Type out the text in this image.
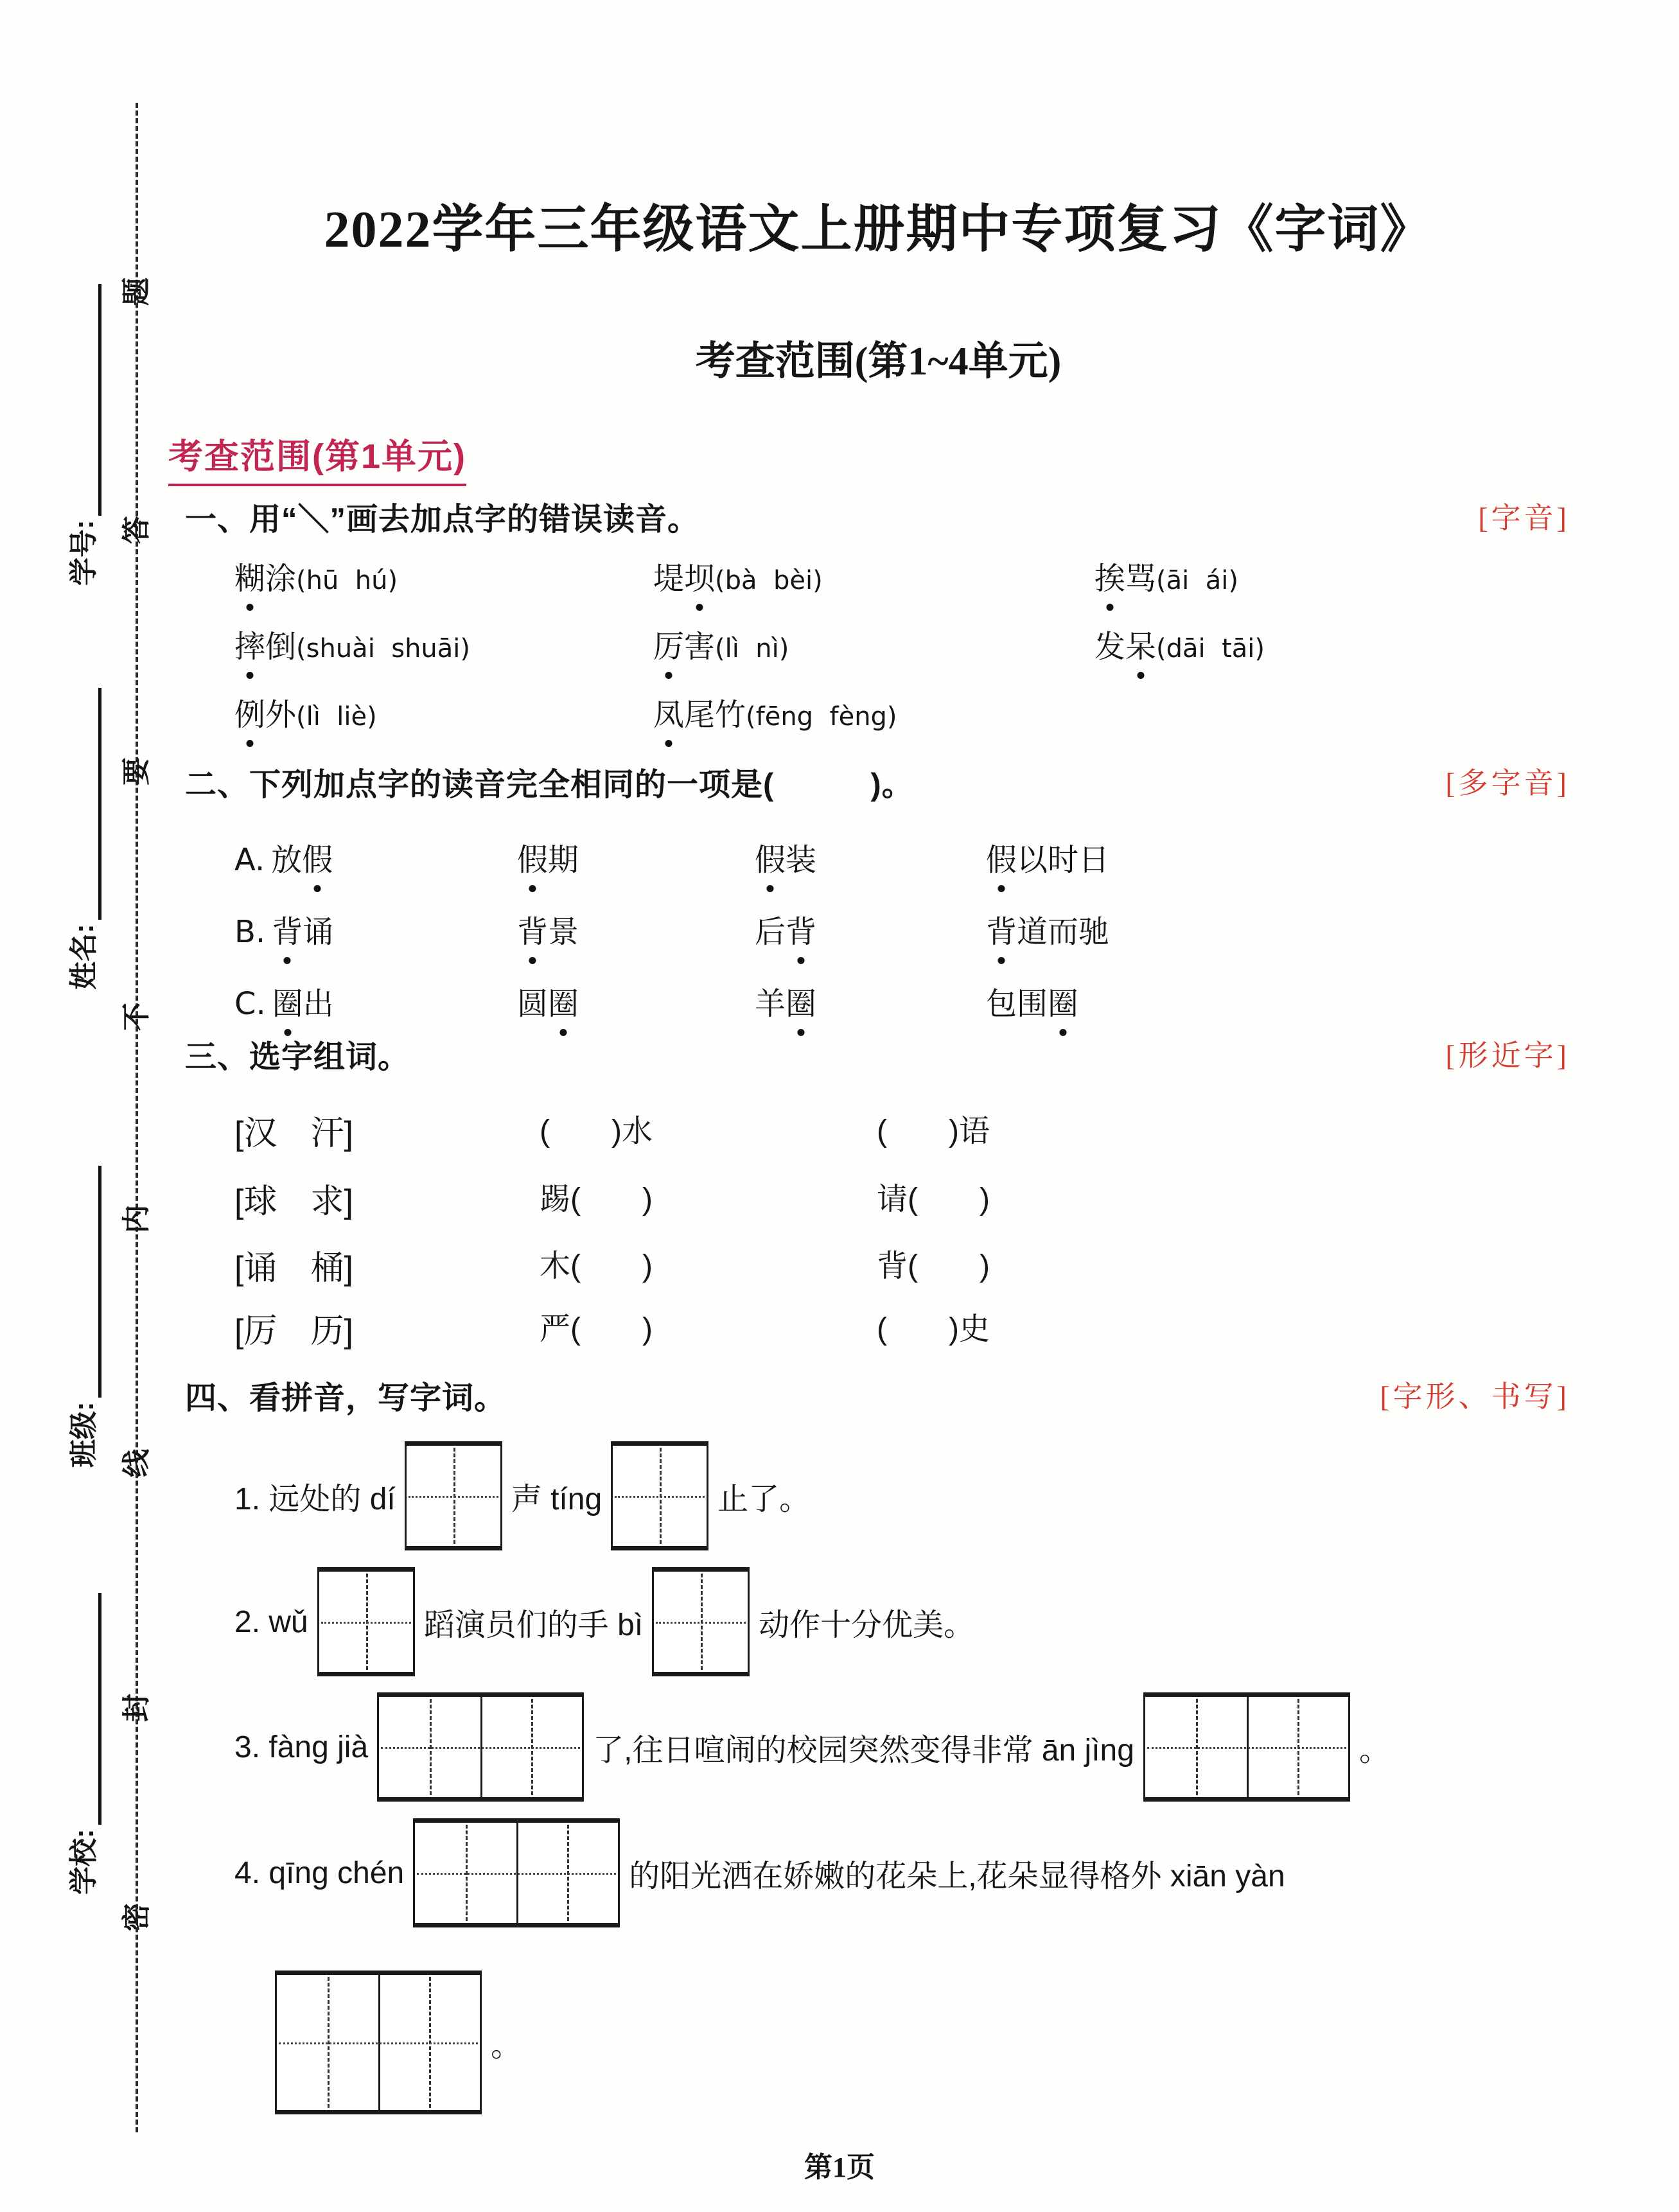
题
答
要
不
内
线
封
密
学号:
姓名:
班级:
学校:
2022学年三年级语文上册期中专项复习《字词》
考查范围(第1~4单元)
考查范围(第1单元)
一、用“＼”画去加点字的错误读音。	[字音]
糊涂(hū  hú)	堤坝(bà  bèi)	挨骂(āi  ái)
摔倒(shuài  shuāi)	厉害(lì  nì)	发呆(dāi  tāi)
例外(lì  liè)	凤尾竹(fēng  fèng)
二、下列加点字的读音完全相同的一项是(　　　)。	[多字音]
A. 放假	假期	假装	假以时日
B. 背诵	背景	后背	背道而驰
C. 圈出	圆圈	羊圈	包围圈
三、选字组词。	[形近字]
[汉　汗]	(　　)水	(　　)语
[球　求]	踢(　　)	请(　　)
[诵　桶]	木(　　)	背(　　)
[厉　历]	严(　　)	(　　)史
四、看拼音，写字词。	[字形、书写]
1. 远处的 dí	声 tíng	止了。
2. wǔ	蹈演员们的手 bì	动作十分优美。
3. fàng jià	了,往日喧闹的校园突然变得非常 ān jìng	。
4. qīng chén	的阳光洒在娇嫩的花朵上,花朵显得格外 xiān yàn
。

第1页
